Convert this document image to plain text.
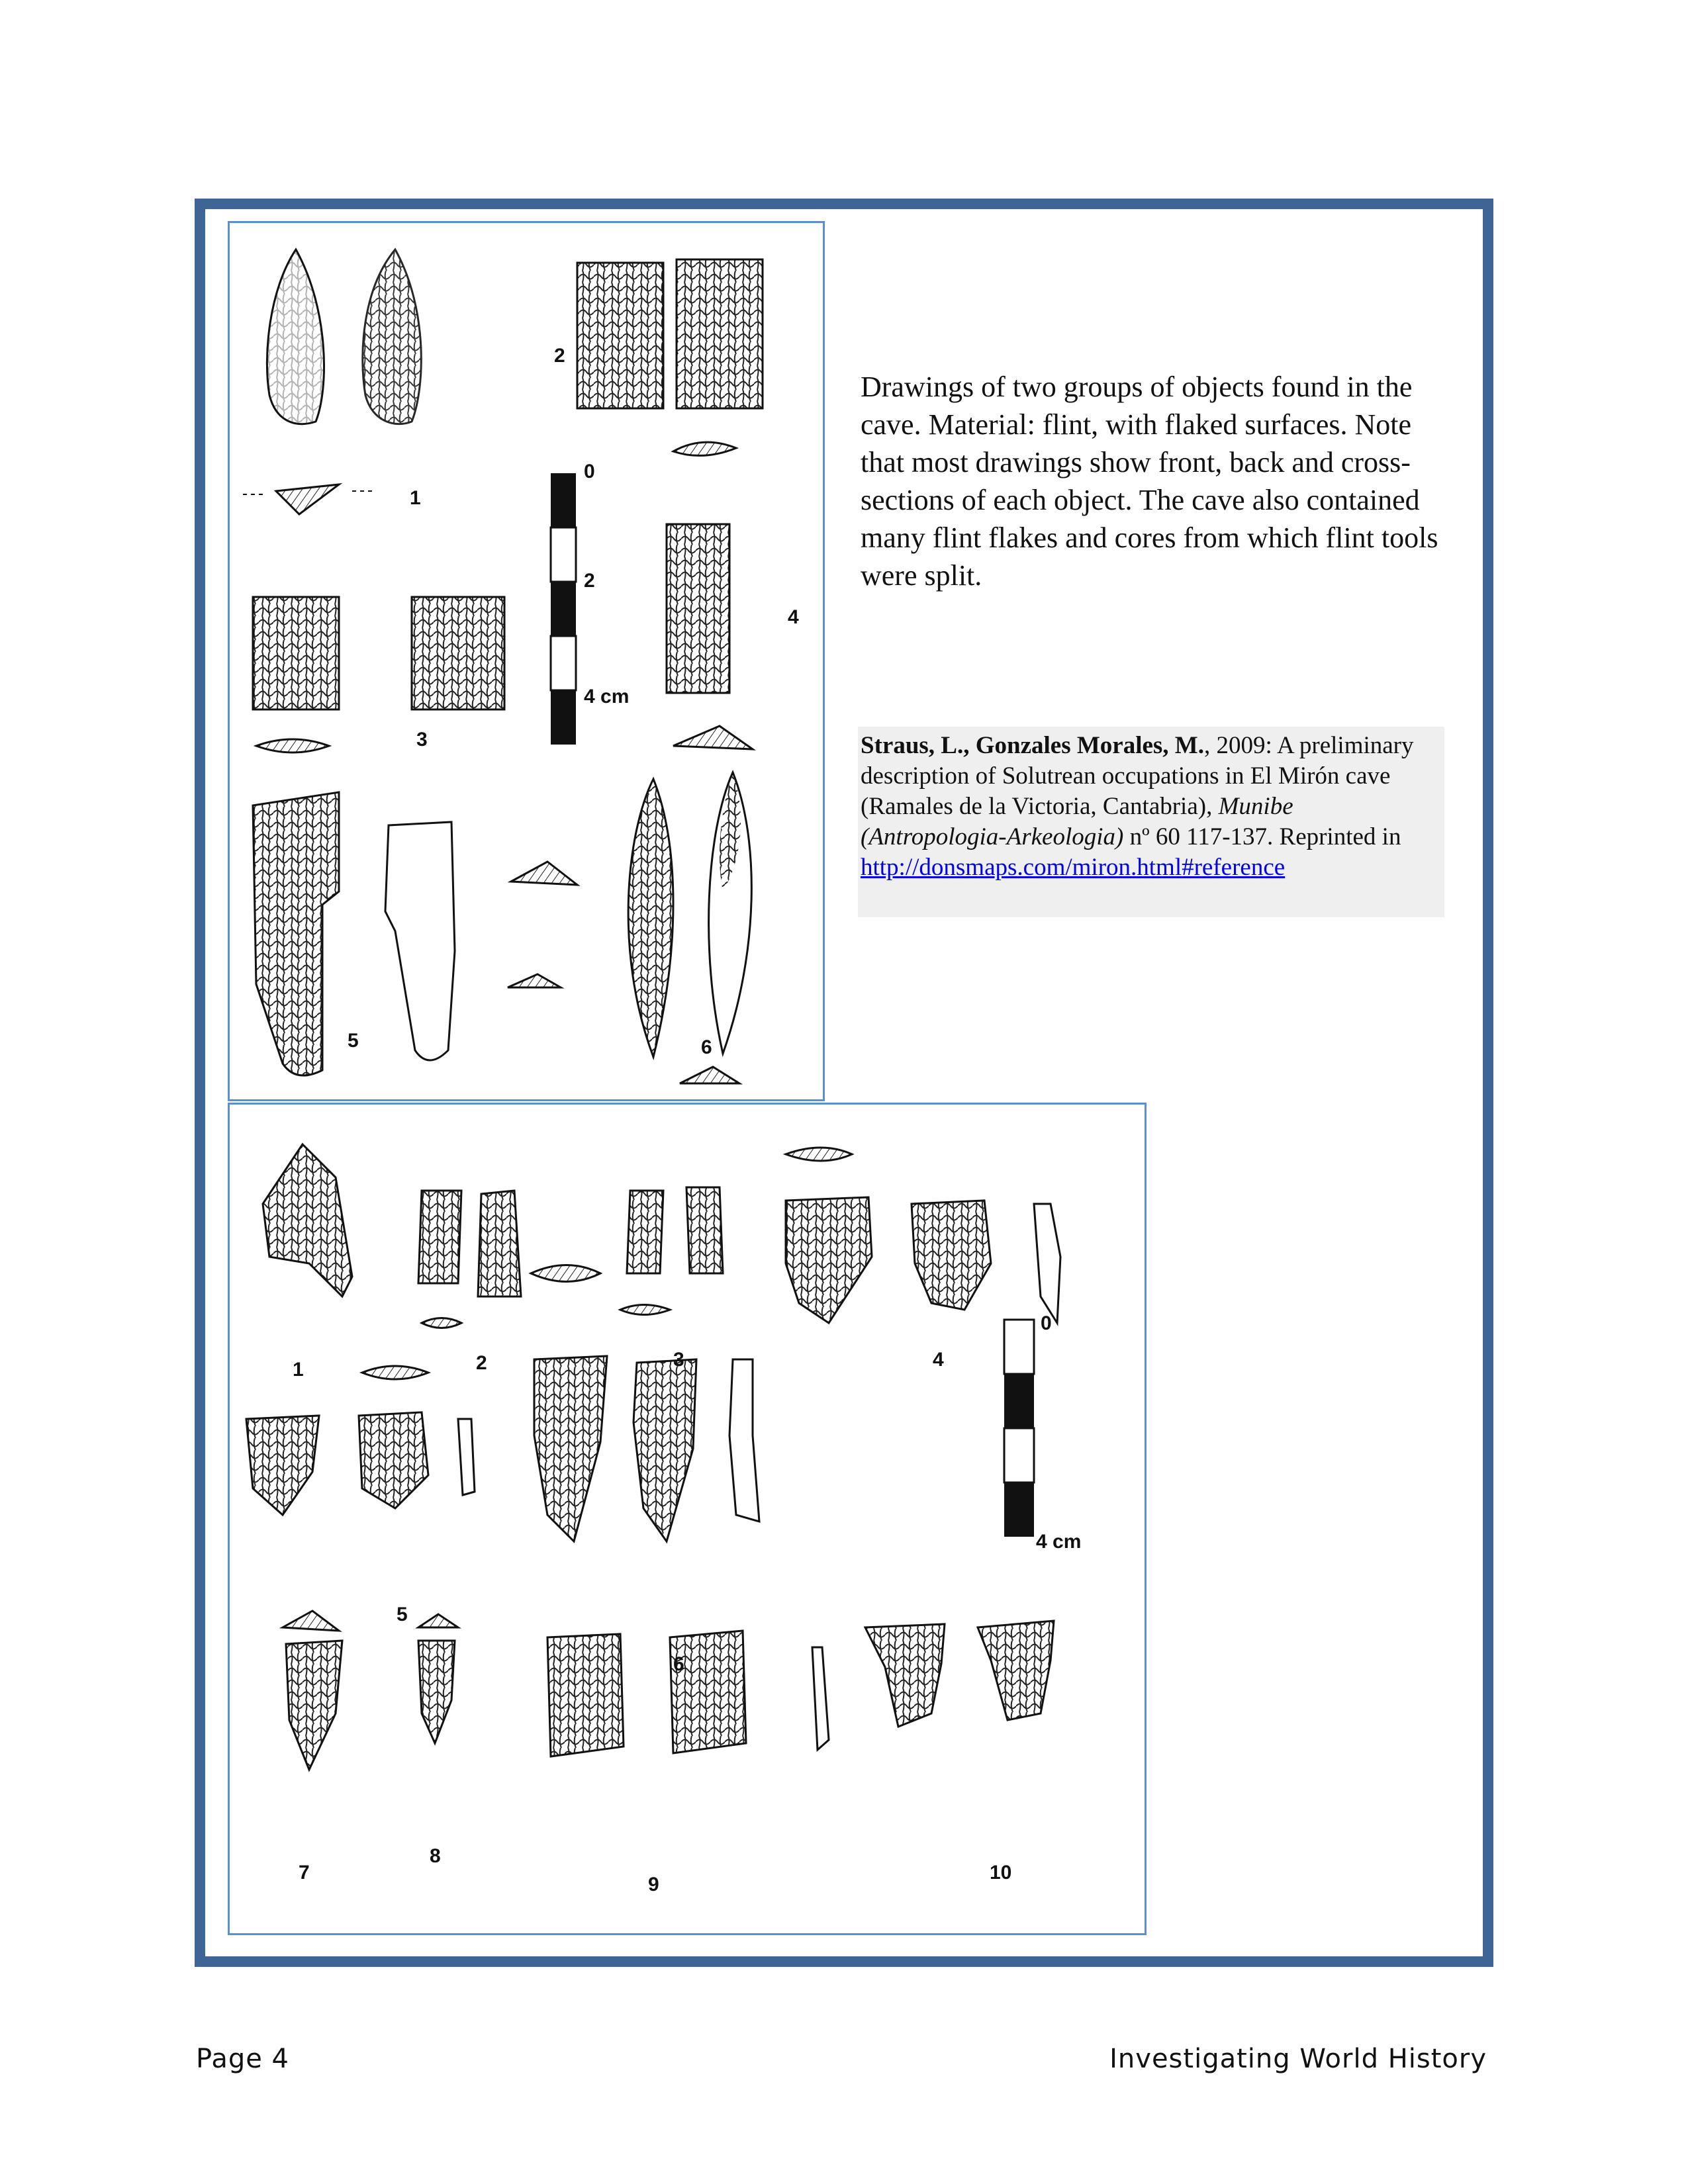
0
2
4 cm
1
2
3
4
5	6
0
4 cm
1	2	3	4
5
6
7
8
9
10

Drawings of two groups of objects found in the cave. Material: flint, with flaked surfaces. Note that most drawings show front, back and cross-sections of each object. The cave also contained many flint flakes and cores from which flint tools were split.

Straus, L., Gonzales Morales, M., 2009: A preliminary description of Solutrean occupations in El Mirón cave (Ramales de la Victoria, Cantabria), Munibe (Antropologia-Arkeologia) nº 60 117-137. Reprinted in
http://donsmaps.com/miron.html#reference
Page 4	Investigating World History
